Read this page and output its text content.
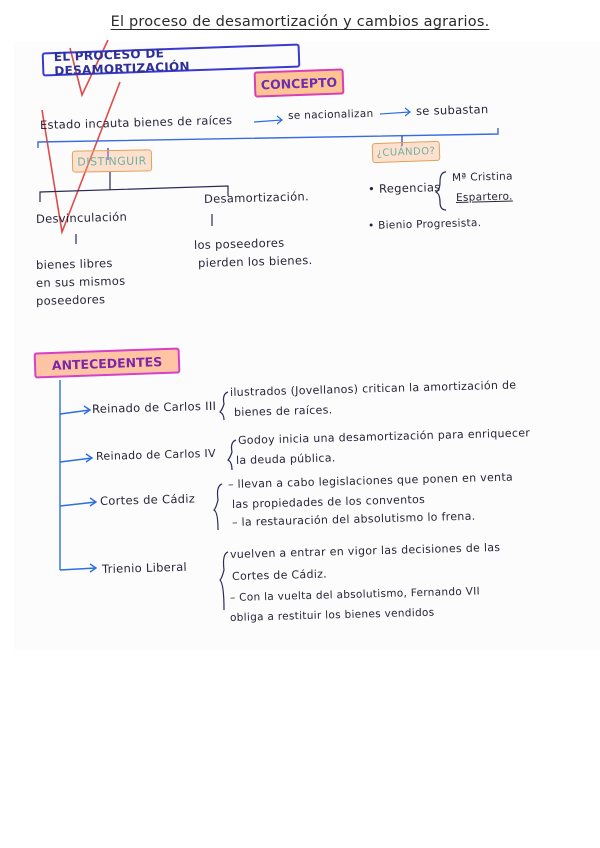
El proceso de desamortización y cambios agrarios.
EL PROCESO DE DESAMORTIZACIÓN
CONCEPTO
Estado incauta bienes de raíces	se nacionalizan	se subastan
DISTINGUIR
¿CUÁNDO?
Desvinculación
bienes libres
en sus mismos
poseedores
Desamortización.
los poseedores
pierden los bienes.
• Regencias
Mª Cristina
Espartero.
• Bienio Progresista.
ANTECEDENTES
Reinado de Carlos III
ilustrados (Jovellanos) critican la amortización de
bienes de raíces.
Reinado de Carlos IV
Godoy inicia una desamortización para enriquecer
la deuda pública.
Cortes de Cádiz
– llevan a cabo legislaciones que ponen en venta
las propiedades de los conventos
– la restauración del absolutismo lo frena.
Trienio Liberal
vuelven a entrar en vigor las decisiones de las
Cortes de Cádiz.
– Con la vuelta del absolutismo, Fernando VII
obliga a restituir los bienes vendidos
